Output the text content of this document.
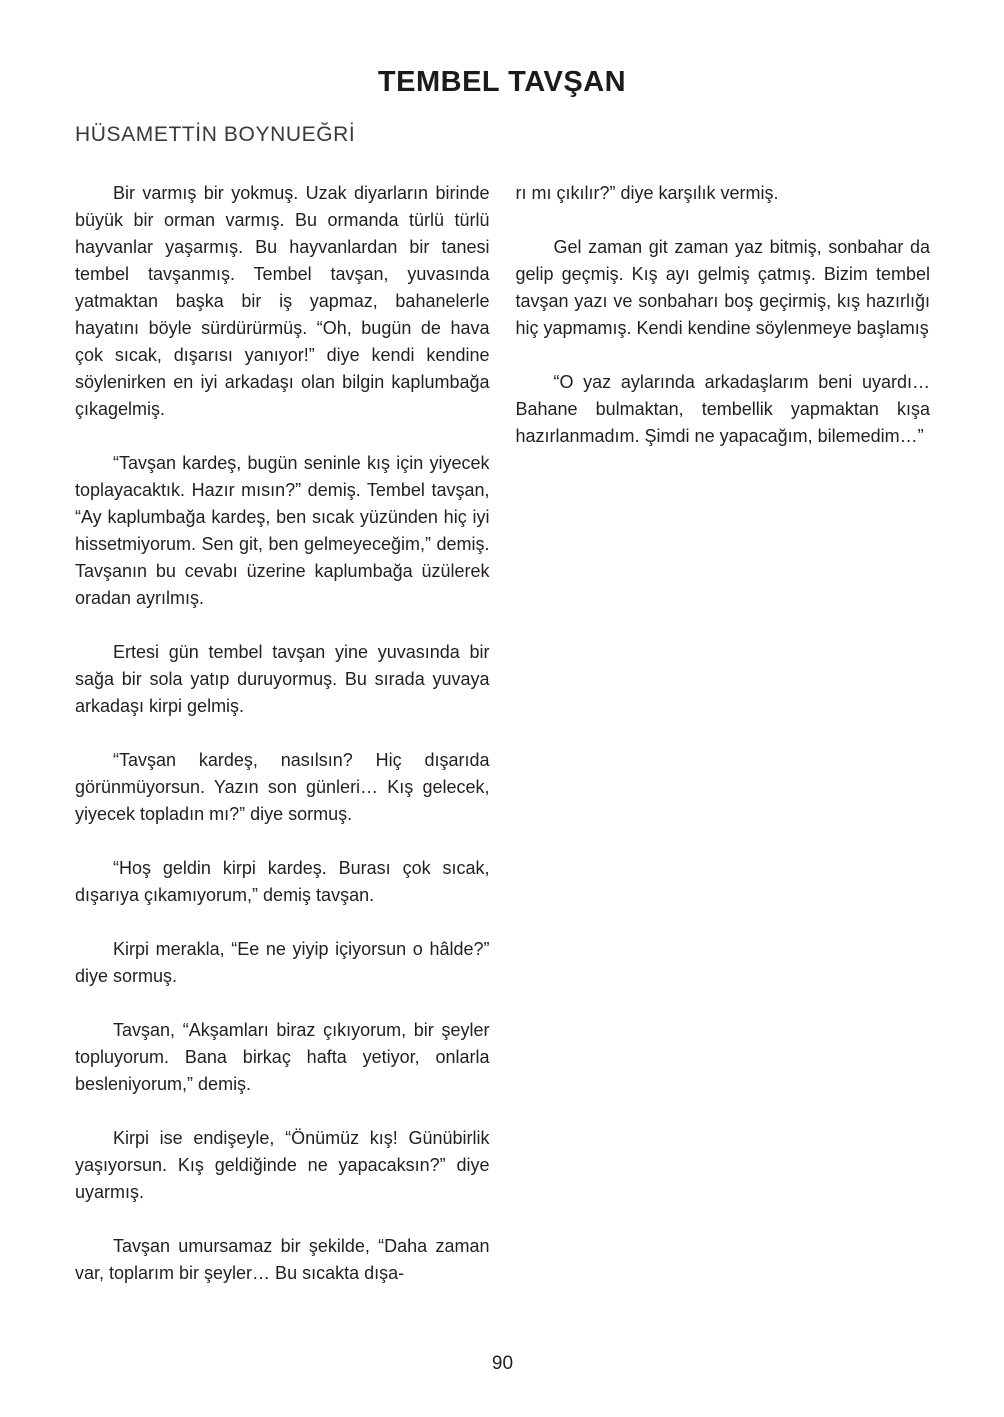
TEMBEL TAVŞAN
HÜSAMETTİN BOYNUEĞRİ

Bir varmış bir yokmuş. Uzak diyarların birinde büyük bir orman varmış. Bu ormanda türlü türlü hayvanlar yaşarmış. Bu hayvanlardan bir tanesi tembel tavşanmış. Tembel tavşan, yuvasında yatmaktan başka bir iş yapmaz, bahanelerle hayatını böyle sürdürürmüş. “Oh, bugün de hava çok sıcak, dışarısı yanıyor!” diye kendi kendine söylenirken en iyi arkadaşı olan bilgin kaplumbağa çıkagelmiş.

“Tavşan kardeş, bugün seninle kış için yiyecek toplayacaktık. Hazır mısın?” demiş. Tembel tavşan, “Ay kaplumbağa kardeş, ben sıcak yüzünden hiç iyi hissetmiyorum. Sen git, ben gelmeyeceğim,” demiş. Tavşanın bu cevabı üzerine kaplumbağa üzülerek oradan ayrılmış.

Ertesi gün tembel tavşan yine yuvasında bir sağa bir sola yatıp duruyormuş. Bu sırada yuvaya arkadaşı kirpi gelmiş.

“Tavşan kardeş, nasılsın? Hiç dışarıda görünmüyorsun. Yazın son günleri… Kış gelecek, yiyecek topladın mı?” diye sormuş.

“Hoş geldin kirpi kardeş. Burası çok sıcak, dışarıya çıkamıyorum,” demiş tavşan.

Kirpi merakla, “Ee ne yiyip içiyorsun o hâlde?” diye sormuş.

Tavşan, “Akşamları biraz çıkıyorum, bir şeyler topluyorum. Bana birkaç hafta yetiyor, onlarla besleniyorum,” demiş.

Kirpi ise endişeyle, “Önümüz kış! Günübirlik yaşıyorsun. Kış geldiğinde ne yapacaksın?” diye uyarmış.

Tavşan umursamaz bir şekilde, “Daha zaman var, toplarım bir şeyler… Bu sıcakta dışa-

rı mı çıkılır?” diye karşılık vermiş.

Gel zaman git zaman yaz bitmiş, sonbahar da gelip geçmiş. Kış ayı gelmiş çatmış. Bizim tembel tavşan yazı ve sonbaharı boş geçirmiş, kış hazırlığı hiç yapmamış. Kendi kendine söylenmeye başlamış

“O yaz aylarında arkadaşlarım beni uyardı… Bahane bulmaktan, tembellik yapmaktan kışa hazırlanmadım. Şimdi ne yapacağım, bilemedim…”

90
